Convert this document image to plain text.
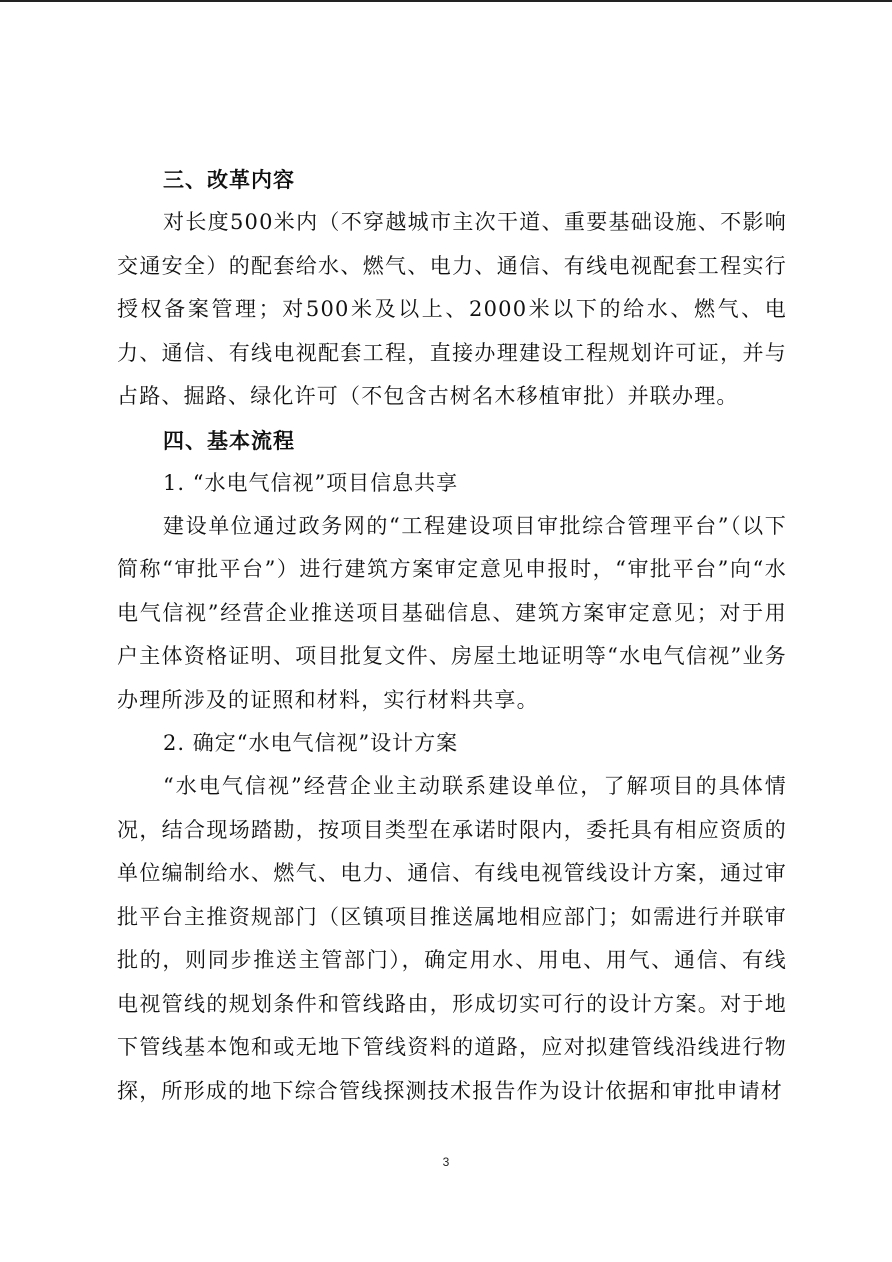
三、改革内容

对长度500米内（不穿越城市主次干道、重要基础设施、不影响交通安全）的配套给水、燃气、电力、通信、有线电视配套工程实行授权备案管理；对500米及以上、2000米以下的给水、燃气、电力、通信、有线电视配套工程，直接办理建设工程规划许可证，并与占路、掘路、绿化许可（不包含古树名木移植审批）并联办理。

四、基本流程
1. “水电气信视”项目信息共享

建设单位通过政务网的“工程建设项目审批综合管理平台”（以下简称“审批平台”）进行建筑方案审定意见申报时，“审批平台”向“水电气信视”经营企业推送项目基础信息、建筑方案审定意见；对于用户主体资格证明、项目批复文件、房屋土地证明等“水电气信视”业务办理所涉及的证照和材料，实行材料共享。

2. 确定“水电气信视”设计方案

“水电气信视”经营企业主动联系建设单位，了解项目的具体情况，结合现场踏勘，按项目类型在承诺时限内，委托具有相应资质的单位编制给水、燃气、电力、通信、有线电视管线设计方案，通过审批平台主推资规部门（区镇项目推送属地相应部门；如需进行并联审批的，则同步推送主管部门），确定用水、用电、用气、通信、有线电视管线的规划条件和管线路由，形成切实可行的设计方案。对于地下管线基本饱和或无地下管线资料的道路，应对拟建管线沿线进行物探，所形成的地下综合管线探测技术报告作为设计依据和审批申请材

3
